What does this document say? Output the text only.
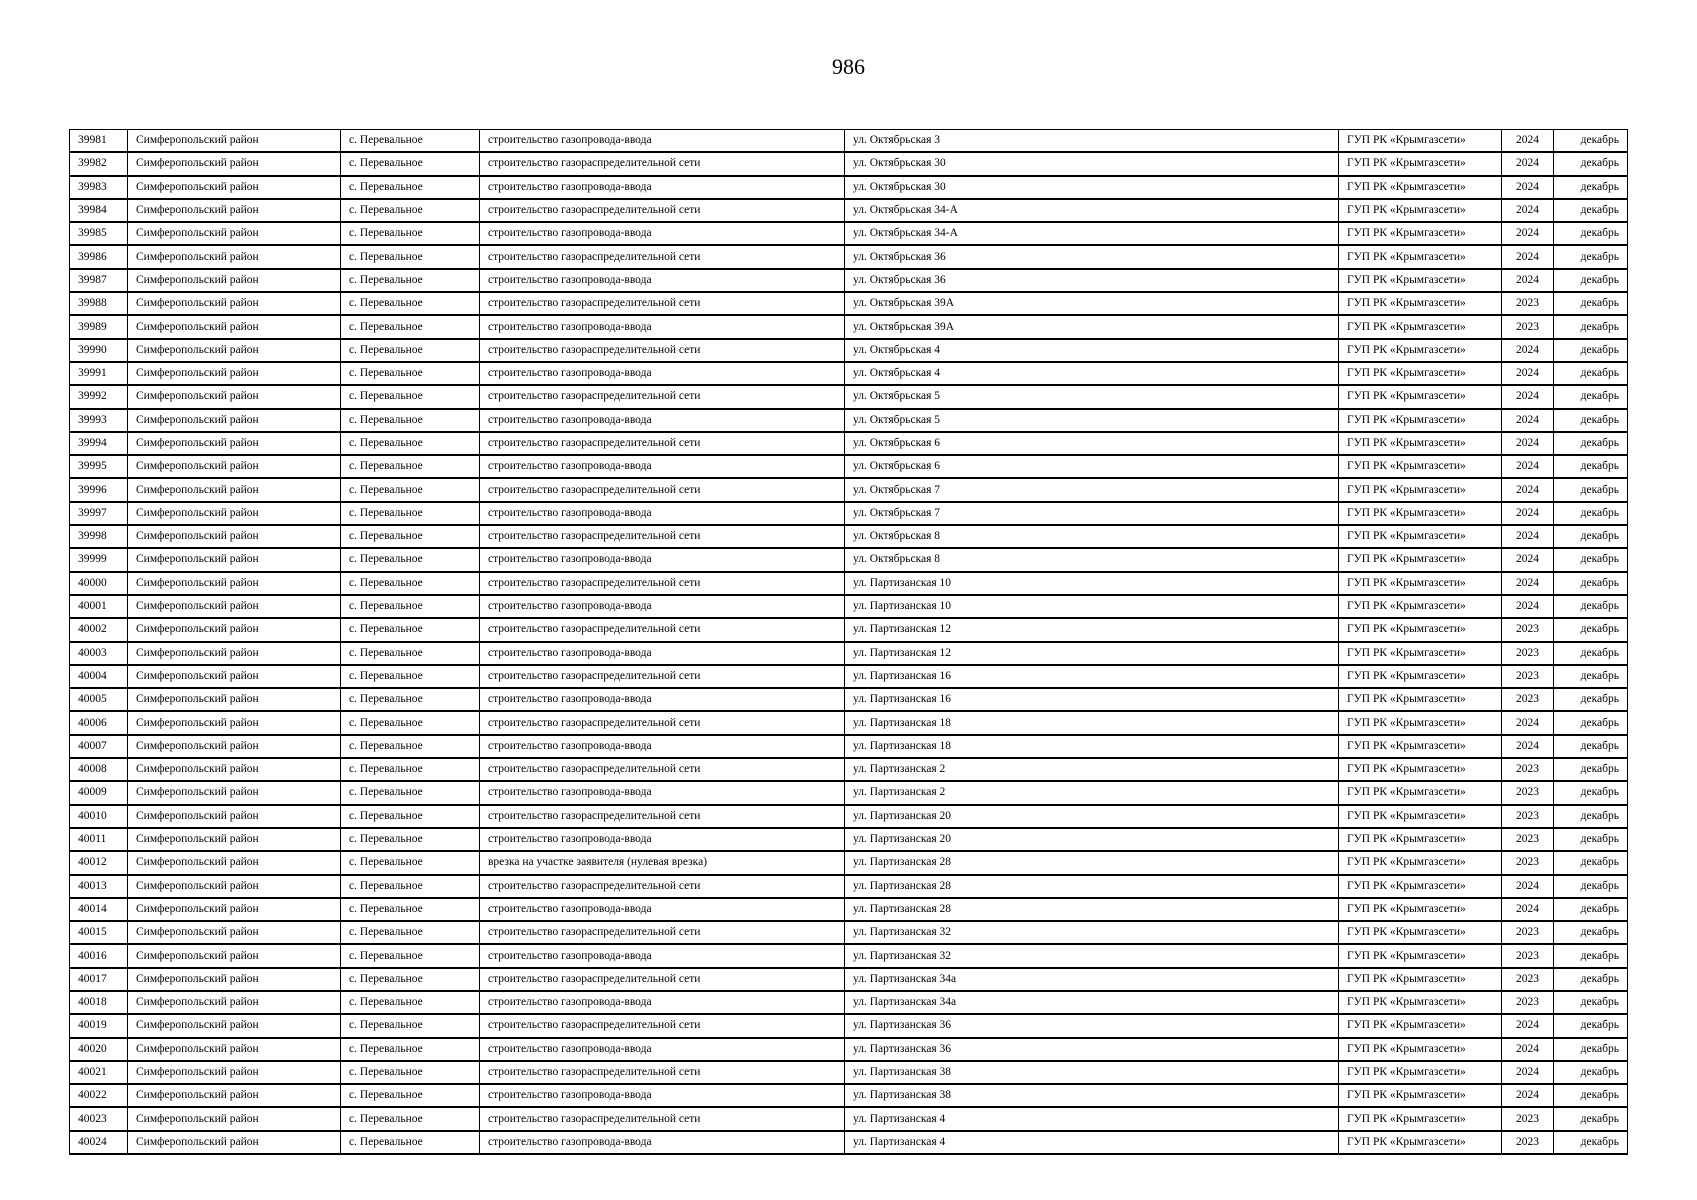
986
39981	Симферопольский район	с. Перевальное	строительство газопровода-ввода	ул. Октябрьская 3	ГУП РК «Крымгазсети»	2024	декабрь
39982	Симферопольский район	с. Перевальное	строительство газораспределительной сети	ул. Октябрьская 30	ГУП РК «Крымгазсети»	2024	декабрь
39983	Симферопольский район	с. Перевальное	строительство газопровода-ввода	ул. Октябрьская 30	ГУП РК «Крымгазсети»	2024	декабрь
39984	Симферопольский район	с. Перевальное	строительство газораспределительной сети	ул. Октябрьская 34-А	ГУП РК «Крымгазсети»	2024	декабрь
39985	Симферопольский район	с. Перевальное	строительство газопровода-ввода	ул. Октябрьская 34-А	ГУП РК «Крымгазсети»	2024	декабрь
39986	Симферопольский район	с. Перевальное	строительство газораспределительной сети	ул. Октябрьская 36	ГУП РК «Крымгазсети»	2024	декабрь
39987	Симферопольский район	с. Перевальное	строительство газопровода-ввода	ул. Октябрьская 36	ГУП РК «Крымгазсети»	2024	декабрь
39988	Симферопольский район	с. Перевальное	строительство газораспределительной сети	ул. Октябрьская 39А	ГУП РК «Крымгазсети»	2023	декабрь
39989	Симферопольский район	с. Перевальное	строительство газопровода-ввода	ул. Октябрьская 39А	ГУП РК «Крымгазсети»	2023	декабрь
39990	Симферопольский район	с. Перевальное	строительство газораспределительной сети	ул. Октябрьская 4	ГУП РК «Крымгазсети»	2024	декабрь
39991	Симферопольский район	с. Перевальное	строительство газопровода-ввода	ул. Октябрьская 4	ГУП РК «Крымгазсети»	2024	декабрь
39992	Симферопольский район	с. Перевальное	строительство газораспределительной сети	ул. Октябрьская 5	ГУП РК «Крымгазсети»	2024	декабрь
39993	Симферопольский район	с. Перевальное	строительство газопровода-ввода	ул. Октябрьская 5	ГУП РК «Крымгазсети»	2024	декабрь
39994	Симферопольский район	с. Перевальное	строительство газораспределительной сети	ул. Октябрьская 6	ГУП РК «Крымгазсети»	2024	декабрь
39995	Симферопольский район	с. Перевальное	строительство газопровода-ввода	ул. Октябрьская 6	ГУП РК «Крымгазсети»	2024	декабрь
39996	Симферопольский район	с. Перевальное	строительство газораспределительной сети	ул. Октябрьская 7	ГУП РК «Крымгазсети»	2024	декабрь
39997	Симферопольский район	с. Перевальное	строительство газопровода-ввода	ул. Октябрьская 7	ГУП РК «Крымгазсети»	2024	декабрь
39998	Симферопольский район	с. Перевальное	строительство газораспределительной сети	ул. Октябрьская 8	ГУП РК «Крымгазсети»	2024	декабрь
39999	Симферопольский район	с. Перевальное	строительство газопровода-ввода	ул. Октябрьская 8	ГУП РК «Крымгазсети»	2024	декабрь
40000	Симферопольский район	с. Перевальное	строительство газораспределительной сети	ул. Партизанская 10	ГУП РК «Крымгазсети»	2024	декабрь
40001	Симферопольский район	с. Перевальное	строительство газопровода-ввода	ул. Партизанская 10	ГУП РК «Крымгазсети»	2024	декабрь
40002	Симферопольский район	с. Перевальное	строительство газораспределительной сети	ул. Партизанская 12	ГУП РК «Крымгазсети»	2023	декабрь
40003	Симферопольский район	с. Перевальное	строительство газопровода-ввода	ул. Партизанская 12	ГУП РК «Крымгазсети»	2023	декабрь
40004	Симферопольский район	с. Перевальное	строительство газораспределительной сети	ул. Партизанская 16	ГУП РК «Крымгазсети»	2023	декабрь
40005	Симферопольский район	с. Перевальное	строительство газопровода-ввода	ул. Партизанская 16	ГУП РК «Крымгазсети»	2023	декабрь
40006	Симферопольский район	с. Перевальное	строительство газораспределительной сети	ул. Партизанская 18	ГУП РК «Крымгазсети»	2024	декабрь
40007	Симферопольский район	с. Перевальное	строительство газопровода-ввода	ул. Партизанская 18	ГУП РК «Крымгазсети»	2024	декабрь
40008	Симферопольский район	с. Перевальное	строительство газораспределительной сети	ул. Партизанская 2	ГУП РК «Крымгазсети»	2023	декабрь
40009	Симферопольский район	с. Перевальное	строительство газопровода-ввода	ул. Партизанская 2	ГУП РК «Крымгазсети»	2023	декабрь
40010	Симферопольский район	с. Перевальное	строительство газораспределительной сети	ул. Партизанская 20	ГУП РК «Крымгазсети»	2023	декабрь
40011	Симферопольский район	с. Перевальное	строительство газопровода-ввода	ул. Партизанская 20	ГУП РК «Крымгазсети»	2023	декабрь
40012	Симферопольский район	с. Перевальное	врезка на участке заявителя (нулевая врезка)	ул. Партизанская 28	ГУП РК «Крымгазсети»	2023	декабрь
40013	Симферопольский район	с. Перевальное	строительство газораспределительной сети	ул. Партизанская 28	ГУП РК «Крымгазсети»	2024	декабрь
40014	Симферопольский район	с. Перевальное	строительство газопровода-ввода	ул. Партизанская 28	ГУП РК «Крымгазсети»	2024	декабрь
40015	Симферопольский район	с. Перевальное	строительство газораспределительной сети	ул. Партизанская 32	ГУП РК «Крымгазсети»	2023	декабрь
40016	Симферопольский район	с. Перевальное	строительство газопровода-ввода	ул. Партизанская 32	ГУП РК «Крымгазсети»	2023	декабрь
40017	Симферопольский район	с. Перевальное	строительство газораспределительной сети	ул. Партизанская 34а	ГУП РК «Крымгазсети»	2023	декабрь
40018	Симферопольский район	с. Перевальное	строительство газопровода-ввода	ул. Партизанская 34а	ГУП РК «Крымгазсети»	2023	декабрь
40019	Симферопольский район	с. Перевальное	строительство газораспределительной сети	ул. Партизанская 36	ГУП РК «Крымгазсети»	2024	декабрь
40020	Симферопольский район	с. Перевальное	строительство газопровода-ввода	ул. Партизанская 36	ГУП РК «Крымгазсети»	2024	декабрь
40021	Симферопольский район	с. Перевальное	строительство газораспределительной сети	ул. Партизанская 38	ГУП РК «Крымгазсети»	2024	декабрь
40022	Симферопольский район	с. Перевальное	строительство газопровода-ввода	ул. Партизанская 38	ГУП РК «Крымгазсети»	2024	декабрь
40023	Симферопольский район	с. Перевальное	строительство газораспределительной сети	ул. Партизанская 4	ГУП РК «Крымгазсети»	2023	декабрь
40024	Симферопольский район	с. Перевальное	строительство газопровода-ввода	ул. Партизанская 4	ГУП РК «Крымгазсети»	2023	декабрь
